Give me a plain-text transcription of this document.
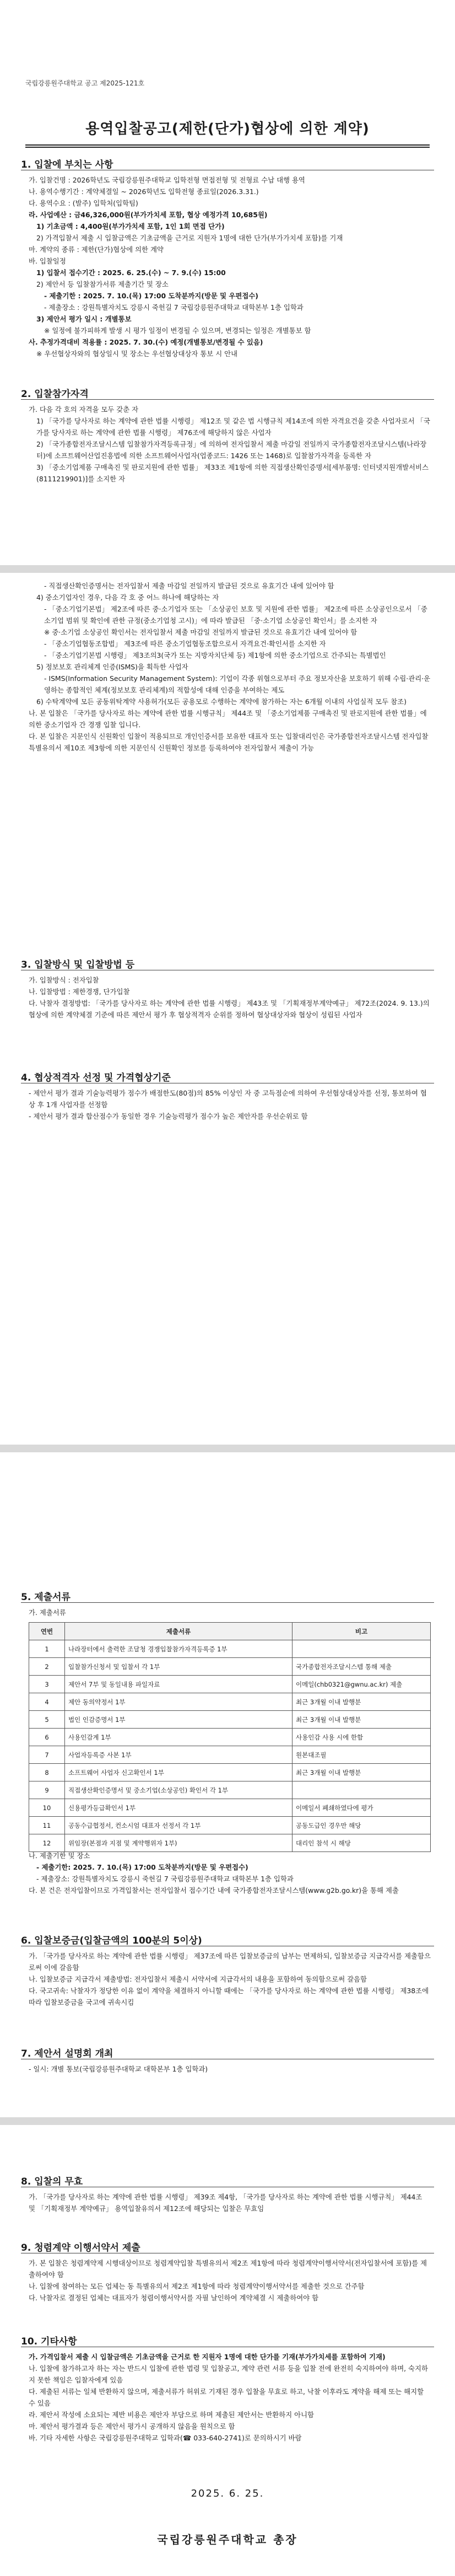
국립강릉원주대학교 공고 제2025-121호
용역입찰공고(제한(단가)협상에 의한 계약)
1. 입찰에 부치는 사항

가. 입찰건명 : 2026학년도 국립강릉원주대학교 입학전형 면접전형 및 전형료 수납 대행 용역

나. 용역수행기간 : 계약체결일 ~ 2026학년도 입학전형 종료일(2026.3.31.)

다. 용역수요 : (발주) 입학처(입학팀)

라. 사업예산 : 금46,326,000원(부가가치세 포함, 협상 예정가격 10,685원)

1) 기초금액 : 4,400원(부가가치세 포함, 1인 1회 면접 단가)

2) 가격입찰서 제출 시 입찰금액은 기초금액을 근거로 지원자 1명에 대한 단가(부가가치세 포함)를 기재

마. 계약의 종류 : 제한(단가)협상에 의한 계약

바. 입찰일정

1) 입찰서 접수기간 : 2025. 6. 25.(수) ~ 7. 9.(수) 15:00

2) 제안서 등 입찰참가서류 제출기간 및 장소

- 제출기한 : 2025. 7. 10.(목) 17:00 도착분까지(방문 및 우편접수)

- 제출장소 : 강원특별자치도 강릉시 죽헌길 7 국립강릉원주대학교 대학본부 1층 입학과

3) 제안서 평가 일시 : 개별통보

※ 일정에 불가피하게 발생 시 평가 일정이 변경될 수 있으며, 변경되는 일정은 개별통보 함

사. 추정가격대비 적용률 : 2025. 7. 30.(수) 예정(개별통보/변경될 수 있음)

※ 우선협상자와의 협상일시 및 장소는 우선협상대상자 통보 시 안내

2. 입찰참가자격

가. 다음 각 호의 자격을 모두 갖춘 자

1) 「국가를 당사자로 하는 계약에 관한 법률 시행령」 제12조 및 같은 법 시행규칙 제14조에 의한 자격요건을 갖춘 사업자로서 「국가를 당사자로 하는 계약에 관한 법률 시행령」 제76조에 해당하지 않은 사업자

2) 「국가종합전자조달시스템 입찰참가자격등록규정」에 의하여 전자입찰서 제출 마감일 전일까지 국가종합전자조달시스템(나라장터)에 소프트웨어산업진흥법에 의한 소프트웨어사업자(업종코드: 1426 또는 1468)로 입찰참가자격을 등록한 자

3) 「중소기업제품 구매촉진 및 판로지원에 관한 법률」 제33조 제1항에 의한 직접생산확인증명서[세부품명: 인터넷지원개발서비스(8111219901)]를 소지한 자

- 직접생산확인증명서는 전자입찰서 제출 마감일 전일까지 발급된 것으로 유효기간 내에 있어야 함

4) 중소기업자인 경우, 다음 각 호 중 어느 하나에 해당하는 자

- 「중소기업기본법」 제2조에 따른 중·소기업자 또는 「소상공인 보호 및 지원에 관한 법률」 제2조에 따른 소상공인으로서 「중소기업 범위 및 확인에 관한 규정(중소기업청 고시)」에 따라 발급된 「중·소기업 소상공인 확인서」를 소지한 자

※ 중·소기업 소상공인 확인서는 전자입찰서 제출 마감일 전일까지 발급된 것으로 유효기간 내에 있어야 함

- 「중소기업협동조합법」 제3조에 따른 중소기업협동조합으로서 자격요건·확인서를 소지한 자

- 「중소기업기본법 시행령」 제3조의3(국가 또는 지방자치단체 등) 제1항에 의한 중소기업으로 간주되는 특별법인

5) 정보보호 관리체계 인증(ISMS)을 획득한 사업자

- ISMS(Information Security Management System): 기업이 각종 위협으로부터 주요 정보자산을 보호하기 위해 수립·관리·운영하는 종합적인 체계(정보보호 관리체계)의 적합성에 대해 인증을 부여하는 제도

6) 수탁계약에 모든 공동위탁계약 사용허가(모든 공용모로 수행하는 계약에 참가하는 자는 6개월 이내의 사업실적 모두 참조)

나. 본 입찰은 「국가를 당사자로 하는 계약에 관한 법률 시행규칙」 제44조 및 「중소기업제품 구매촉진 및 판로지원에 관한 법률」에 의한 중소기업자 간 경쟁 입찰 입니다.

다. 본 입찰은 지문인식 신원확인 입찰이 적용되므로 개인인증서를 보유한 대표자 또는 입찰대리인은 국가종합전자조달시스템 전자입찰 특별유의서 제10조 제3항에 의한 지문인식 신원확인 정보를 등록하여야 전자입찰서 제출이 가능

3. 입찰방식 및 입찰방법 등

가. 입찰방식 : 전자입찰

나. 입찰방법 : 제한경쟁, 단가입찰

다. 낙찰자 결정방법: 「국가를 당사자로 하는 계약에 관한 법률 시행령」 제43조 및 「기획재정부계약예규」 제72조(2024. 9. 13.)의 협상에 의한 계약체결 기준에 따른 제안서 평가 후 협상적격자 순위를 정하여 협상대상자와 협상이 성립된 사업자

4. 협상적격자 선정 및 가격협상기준

- 제안서 평가 결과 기술능력평가 점수가 배점한도(80점)의 85% 이상인 자 중 고득점순에 의하여 우선협상대상자를 선정, 통보하여 협상 후 1개 사업자를 선정함

- 제안서 평가 결과 합산점수가 동일한 경우 기술능력평가 점수가 높은 제안자를 우선순위로 함

5. 제출서류

가. 제출서류

연번	제출서류	비고
1	나라장터에서 출력한 조달청 경쟁입찰참가자격등록증 1부	
2	입찰참가신청서 및 입찰서 각 1부	국가종합전자조달시스템 통해 제출
3	제안서 7부 및 동일내용 파일자료	이메일(chb0321@gwnu.ac.kr) 제출
4	제안 동의약정서 1부	최근 3개월 이내 발행분
5	법인 인감증명서 1부	최근 3개월 이내 발행분
6	사용인감계 1부	사용인감 사용 시에 한함
7	사업자등록증 사본 1부	원본대조필
8	소프트웨어 사업자 신고확인서 1부	최근 3개월 이내 발행분
9	직접생산확인증명서 및 중소기업(소상공인) 확인서 각 1부	
10	신용평가등급확인서 1부	이메일서 폐쇄하였다에 평가
11	공동수급협정서, 컨소시엄 대표자 선정서 각 1부	공동도급인 경우만 해당
12	위임장(본점과 지점 및 계약행위자 1부)	대리인 참석 시 해당

나. 제출기한 및 장소

- 제출기한: 2025. 7. 10.(목) 17:00 도착분까지(방문 및 우편접수)

- 제출장소: 강원특별자치도 강릉시 죽헌길 7 국립강릉원주대학교 대학본부 1층 입학과

다. 본 건은 전자입찰이므로 가격입찰서는 전자입찰서 접수기간 내에 국가종합전자조달시스템(www.g2b.go.kr)을 통해 제출

6. 입찰보증금(입찰금액의 100분의 5이상)

가. 「국가를 당사자로 하는 계약에 관한 법률 시행령」 제37조에 따른 입찰보증금의 납부는 면제하되, 입찰보증금 지급각서를 제출함으로써 이에 갈음함

나. 입찰보증금 지급각서 제출방법: 전자입찰서 제출시 서약서에 지급각서의 내용을 포함하여 동의함으로써 갈음함

다. 국고귀속: 낙찰자가 정당한 이유 없이 계약을 체결하지 아니할 때에는 「국가를 당사자로 하는 계약에 관한 법률 시행령」 제38조에 따라 입찰보증금을 국고에 귀속시킴

7. 제안서 설명회 개최

- 일시: 개별 통보(국립강릉원주대학교 대학본부 1층 입학과)

8. 입찰의 무효

가. 「국가를 당사자로 하는 계약에 관한 법률 시행령」 제39조 제4항, 「국가를 당사자로 하는 계약에 관한 법률 시행규칙」 제44조 및 「기획재정부 계약예규」 용역입찰유의서 제12조에 해당되는 입찰은 무효임

9. 청렴계약 이행서약서 제출

가. 본 입찰은 청렴계약제 시행대상이므로 청렴계약입찰 특별유의서 제2조 제1항에 따라 청렴계약이행서약서(전자입찰서에 포함)를 제출하여야 함

나. 입찰에 참여하는 모든 업체는 동 특별유의서 제2조 제1항에 따라 청렴계약이행서약서를 제출한 것으로 간주함

다. 낙찰자로 결정된 업체는 대표자가 청렴이행서약서를 자필 날인하여 계약체결 시 제출하여야 함

10. 기타사항

가. 가격입찰서 제출 시 입찰금액은 기초금액을 근거로 한 지원자 1명에 대한 단가를 기재(부가가치세를 포함하여 기재)

나. 입찰에 참가하고자 하는 자는 반드시 입찰에 관한 법령 및 입찰공고, 계약 관련 서류 등을 입찰 전에 완전히 숙지하여야 하며, 숙지하지 못한 책임은 입찰자에게 있음

다. 제출된 서류는 일체 반환하지 않으며, 제출서류가 허위로 기재된 경우 입찰을 무효로 하고, 낙찰 이후라도 계약을 해제 또는 해지할 수 있음

라. 제안서 작성에 소요되는 제반 비용은 제안자 부담으로 하며 제출된 제안서는 반환하지 아니함

마. 제안서 평가결과 등은 제안서 평가시 공개하지 않음을 원칙으로 함

바. 기타 자세한 사항은 국립강릉원주대학교 입학과(☎ 033-640-2741)로 문의하시기 바람

2025. 6. 25.
국립강릉원주대학교 총장
